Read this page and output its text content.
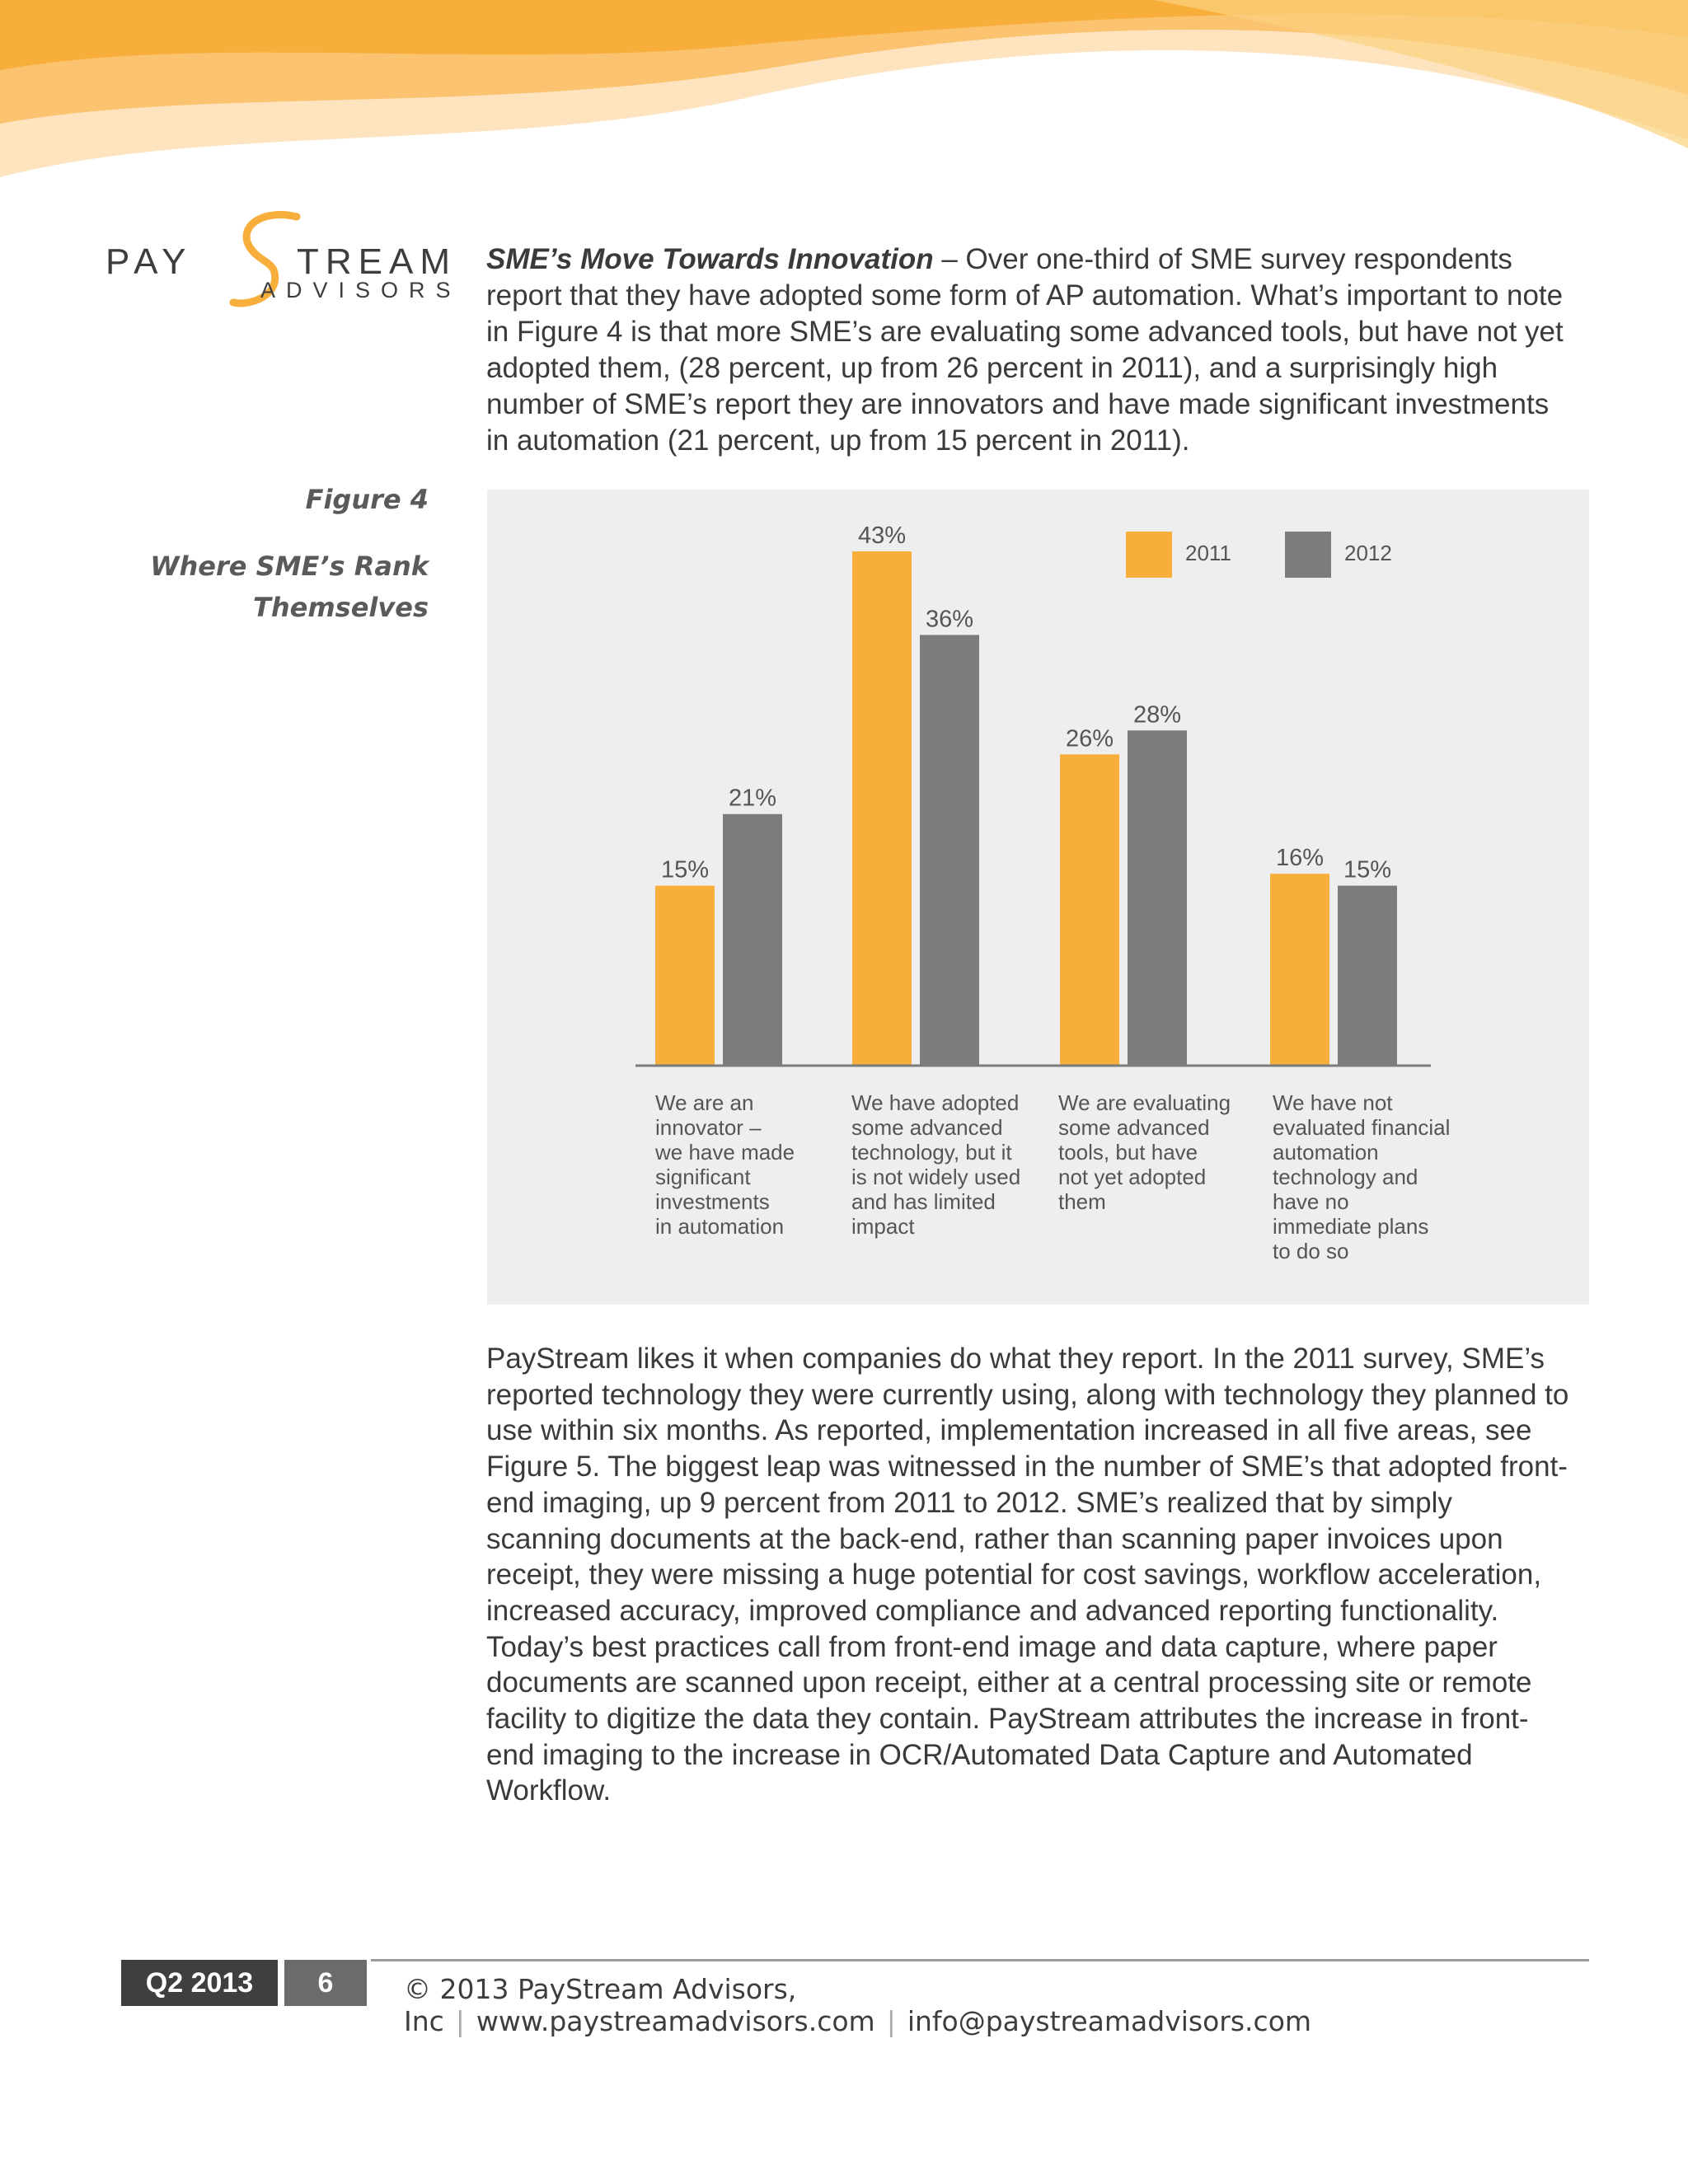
PAY	TREAM
ADVISORS
SME’s Move Towards Innovation – Over one-third of SME survey respondents report that they have adopted some form of AP automation. What’s important to note in Figure 4 is that more SME’s are evaluating some advanced tools, but have not yet adopted them, (28 percent, up from 26 percent in 2011), and a surprisingly high number of SME’s report they are innovators and have made significant investments in automation (21 percent, up from 15 percent in 2011).
Figure 4
Where SME’s Rank
Themselves
15%
43%
26%
16%
21%
36%
28%
15%
2011	2012
We are an
innovator –
we have made
significant
investments
in automation
We have adopted
some advanced
technology, but it
is not widely used
and has limited
impact
We are evaluating
some advanced
tools, but have
not yet adopted
them
We have not
evaluated financial
automation
technology and
have no
immediate plans
to do so
PayStream likes it when companies do what they report. In the 2011 survey, SME’s reported technology they were currently using, along with technology they planned to use within six months. As reported, implementation increased in all five areas, see Figure 5. The biggest leap was witnessed in the number of SME’s that adopted front-end imaging, up 9 percent from 2011 to 2012. SME’s realized that by simply scanning documents at the back-end, rather than scanning paper invoices upon receipt, they were missing a huge potential for cost savings, workflow acceleration, increased accuracy, improved compliance and advanced reporting functionality. Today’s best practices call from front-end image and data capture, where paper documents are scanned upon receipt, either at a central processing site or remote facility to digitize the data they contain. PayStream attributes the increase in front-end imaging to the increase in OCR/Automated Data Capture and Automated Workflow.
Q2 2013	6	© 2013 PayStream Advisors, Inc | www.paystreamadvisors.com | info@paystreamadvisors.com
